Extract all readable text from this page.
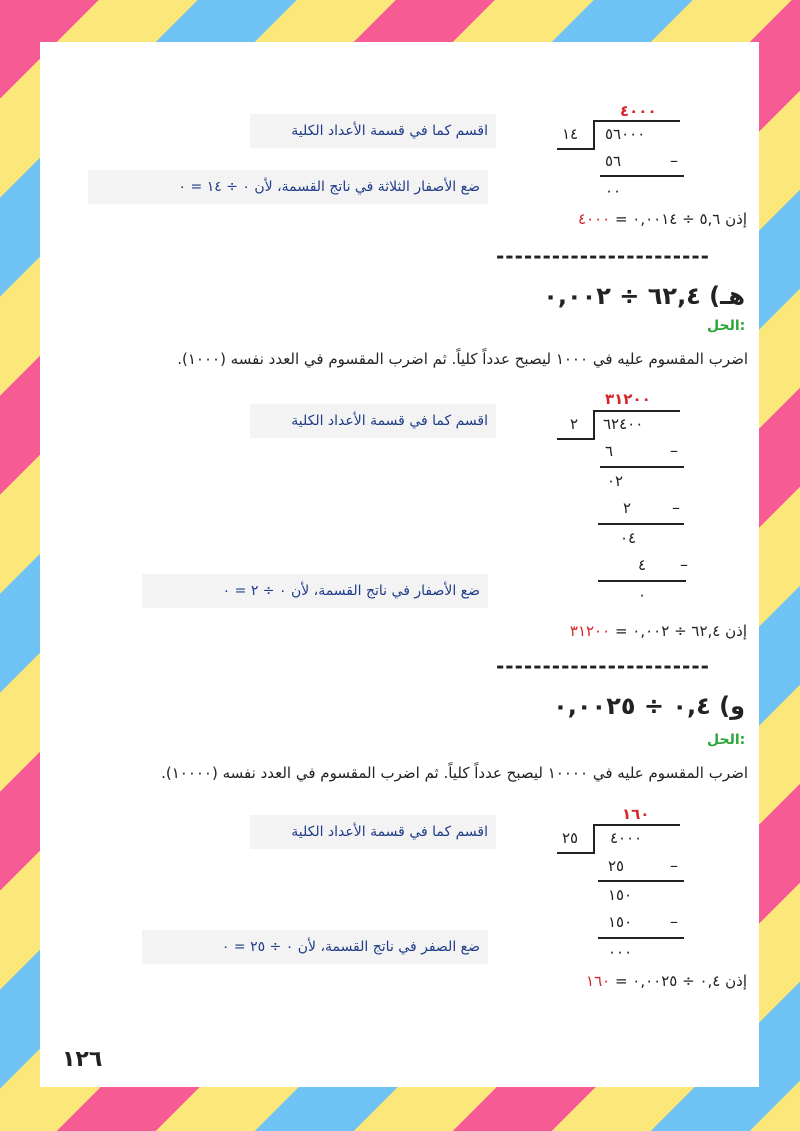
٤٠٠٠
١٤ ٥٦٠٠٠
اقسم كما في قسمة الأعداد الكلية
٥٦	–
ضع الأصفار الثلاثة في ناتج القسمة، لأن ٠ ÷ ١٤ = ٠	٠٠
إذن ٥,٦ ÷ ٠,٠٠١٤ = ٤٠٠٠
-----------------------
هـ) ٦٢,٤ ÷ ٠,٠٠٢
الحل:
اضرب المقسوم عليه في ١٠٠٠ ليصبح عدداً كلياً. ثم اضرب المقسوم في العدد نفسه (١٠٠٠).
٣١٢٠٠
٢ ٦٢٤٠٠
اقسم كما في قسمة الأعداد الكلية
٦	–
٠٢
٢	–
٠٤
٤ –
ضع الأصفار في ناتج القسمة، لأن ٠ ÷ ٢ = ٠	٠
إذن ٦٢,٤ ÷ ٠,٠٠٢ = ٣١٢٠٠
-----------------------
و) ٠,٤ ÷ ٠,٠٠٢٥
الحل:
اضرب المقسوم عليه في ١٠٠٠٠ ليصبح عدداً كلياً. ثم اضرب المقسوم في العدد نفسه (١٠٠٠٠).
١٦٠
٢٥ ٤٠٠٠
اقسم كما في قسمة الأعداد الكلية
٢٥	–
١٥٠
١٥٠ –
ضع الصفر في ناتج القسمة، لأن ٠ ÷ ٢٥ = ٠	٠٠٠
إذن ٠,٤ ÷ ٠,٠٠٢٥ = ١٦٠
١٢٦
